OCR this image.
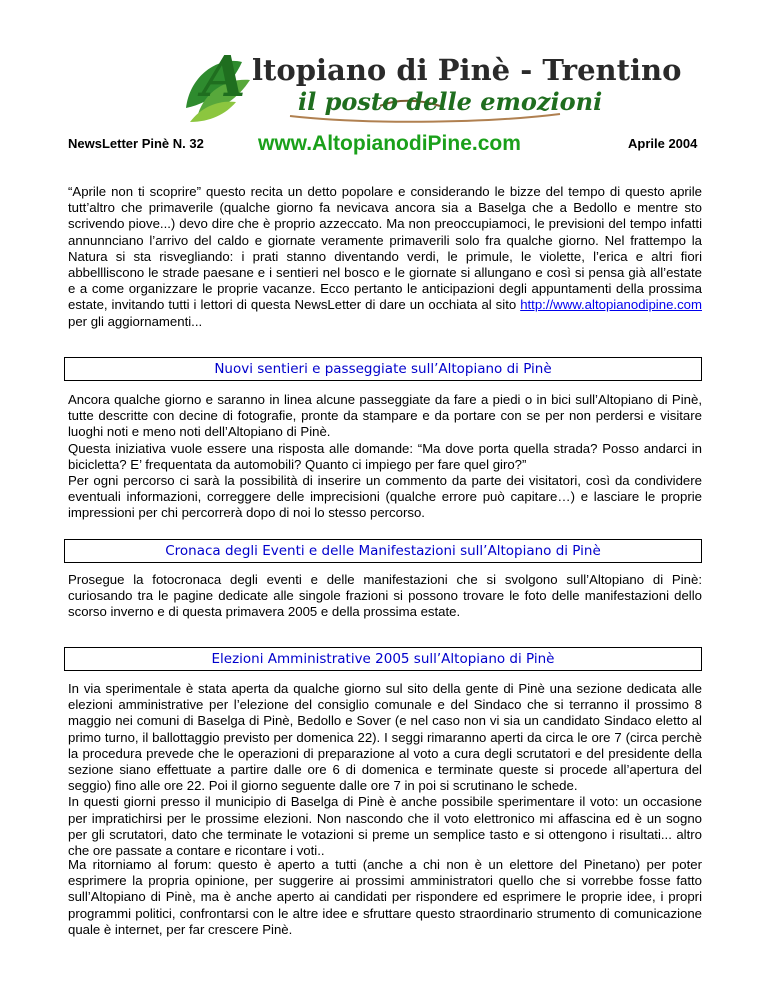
A ltopiano di Pinè - Trentino
il posto delle emozioni
NewsLetter Pinè N. 32	www.AltopianodiPine.com	Aprile 2004
“Aprile non ti scoprire” questo recita un detto popolare e considerando le bizze del tempo di questo aprile tutt’altro che primaverile (qualche giorno fa nevicava ancora sia a Baselga che a Bedollo e mentre sto scrivendo piove...) devo dire che è proprio azzeccato. Ma non preoccupiamoci, le previsioni del tempo infatti annunnciano l’arrivo del caldo e giornate veramente primaverili solo fra qualche giorno. Nel frattempo la Natura si sta risvegliando: i prati stanno diventando verdi, le primule, le violette, l’erica e altri fiori abbellliscono le strade paesane e i sentieri nel bosco e le giornate si allungano e così si pensa già all’estate e a come organizzare le proprie vacanze. Ecco pertanto le anticipazioni degli appuntamenti della prossima estate, invitando tutti i lettori di questa NewsLetter di dare un occhiata al sito http://www.altopianodipine.com per gli aggiornamenti...
Nuovi sentieri e passeggiate sull’Altopiano di Pinè
Ancora qualche giorno e saranno in linea alcune passeggiate da fare a piedi o in bici sull’Altopiano di Pinè, tutte descritte con decine di fotografie, pronte da stampare e da portare con se per non perdersi e visitare luoghi noti e meno noti dell’Altopiano di Pinè.
Questa iniziativa vuole essere una risposta alle domande: “Ma dove porta quella strada? Posso andarci in bicicletta? E’ frequentata da automobili? Quanto ci impiego per fare quel giro?”
Per ogni percorso ci sarà la possibilità di inserire un commento da parte dei visitatori, così da condividere eventuali informazioni, correggere delle imprecisioni (qualche errore può capitare…) e lasciare le proprie impressioni per chi percorrerà dopo di noi lo stesso percorso.
Cronaca degli Eventi e delle Manifestazioni sull’Altopiano di Pinè
Prosegue la fotocronaca degli eventi e delle manifestazioni che si svolgono sull’Altopiano di Pinè: curiosando tra le pagine dedicate alle singole frazioni si possono trovare le foto delle manifestazioni dello scorso inverno e di questa primavera 2005 e della prossima estate.
Elezioni Amministrative 2005 sull’Altopiano di Pinè
In via sperimentale è stata aperta da qualche giorno sul sito della gente di Pinè una sezione dedicata alle elezioni amministrative per l’elezione del consiglio comunale e del Sindaco che si terranno il prossimo 8 maggio nei comuni di Baselga di Pinè, Bedollo e Sover (e nel caso non vi sia un candidato Sindaco eletto al primo turno, il ballottaggio previsto per domenica 22). I seggi rimaranno aperti da circa le ore 7 (circa perchè la procedura prevede che le operazioni di preparazione al voto a cura degli scrutatori e del presidente della sezione siano effettuate a partire dalle ore 6 di domenica e terminate queste si procede all’apertura del seggio) fino alle ore 22. Poi il giorno seguente dalle ore 7 in poi si scrutinano le schede.
In questi giorni presso il municipio di Baselga di Pinè è anche possibile sperimentare il voto: un occasione per impratichirsi per le prossime elezioni. Non nascondo che il voto elettronico mi affascina ed è un sogno per gli scrutatori, dato che terminate le votazioni si preme un semplice tasto e si ottengono i risultati... altro che ore passate a contare e ricontare i voti..
Ma ritorniamo al forum: questo è aperto a tutti (anche a chi non è un elettore del Pinetano) per poter esprimere la propria opinione, per suggerire ai prossimi amministratori quello che si vorrebbe fosse fatto sull’Altopiano di Pinè, ma è anche aperto ai candidati per rispondere ed esprimere le proprie idee, i propri programmi politici, confrontarsi con le altre idee e sfruttare questo straordinario strumento di comunicazione quale è internet, per far crescere Pinè.
